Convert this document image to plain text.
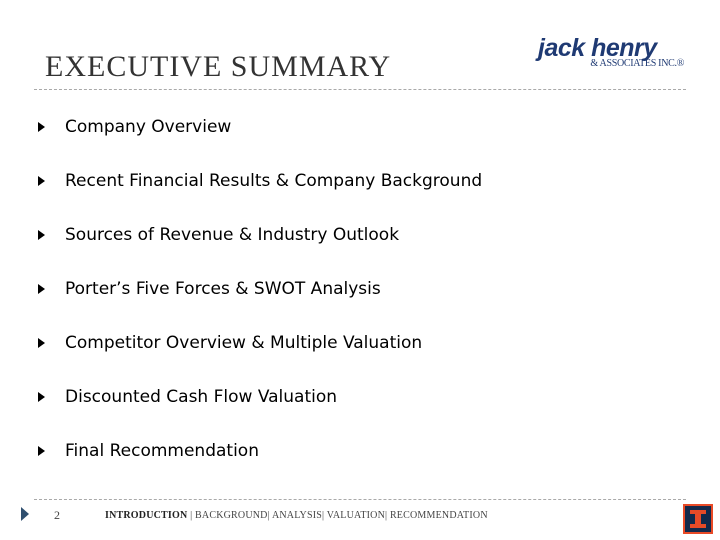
EXECUTIVE SUMMARY
jack henry
& ASSOCIATES INC.®
Company Overview
Recent Financial Results & Company Background
Sources of Revenue & Industry Outlook
Porter’s Five Forces & SWOT Analysis
Competitor Overview & Multiple Valuation
Discounted Cash Flow Valuation
Final Recommendation
2	INTRODUCTION | BACKGROUND| ANALYSIS| VALUATION| RECOMMENDATION
